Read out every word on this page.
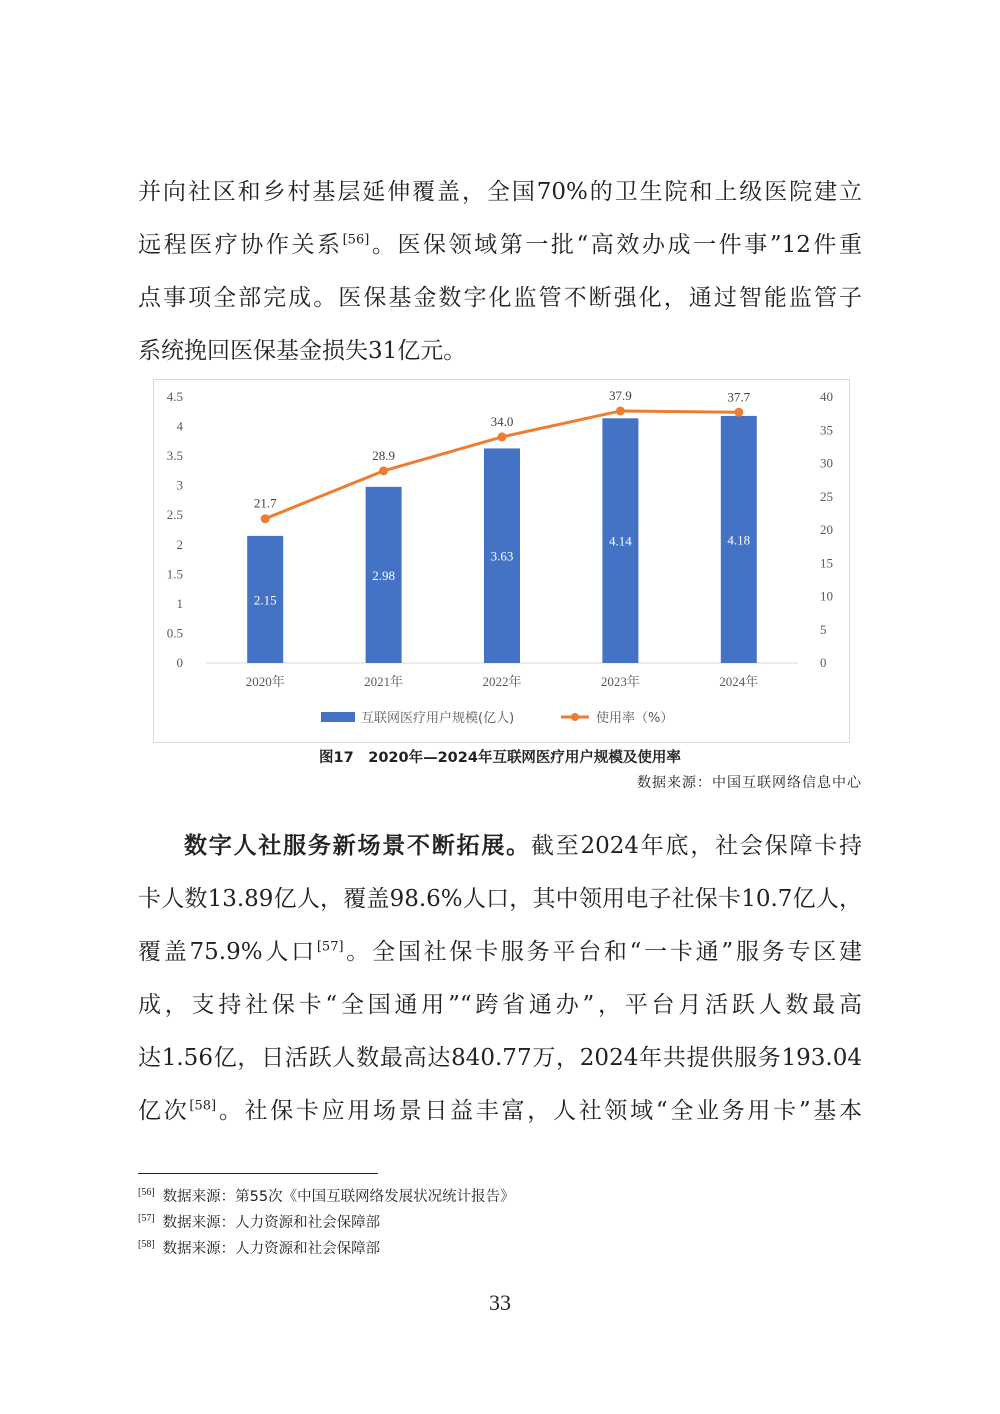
并向社区和乡村基层延伸覆盖，全国70%的卫生院和上级医院建立
远程医疗协作关系[56]。医保领域第一批“高效办成一件事”12件重
点事项全部完成。医保基金数字化监管不断强化，通过智能监管子
系统挽回医保基金损失31亿元。
0
0.5
1
1.5
2
2.5
3
3.5
4
4.5
0
5
10
15
20
25
30
35
40
2.15
2.98
3.63
4.14	4.18
2020年	2021年	2022年	2023年	2024年
21.7
28.9
34.0
37.9	37.7
互联网医疗用户规模(亿人)	使用率（%）
图17　2020年—2024年互联网医疗用户规模及使用率
数据来源：中国互联网络信息中心
数字人社服务新场景不断拓展。截至2024年底，社会保障卡持
卡人数13.89亿人，覆盖98.6%人口，其中领用电子社保卡10.7亿人，
覆盖75.9%人口[57]。全国社保卡服务平台和“一卡通”服务专区建
成，支持社保卡“全国通用”“跨省通办”，平台月活跃人数最高
达1.56亿，日活跃人数最高达840.77万，2024年共提供服务193.04
亿次[58]。社保卡应用场景日益丰富，人社领域“全业务用卡”基本
[56] 数据来源：第55次《中国互联网络发展状况统计报告》
[57] 数据来源：人力资源和社会保障部
[58] 数据来源：人力资源和社会保障部
33
